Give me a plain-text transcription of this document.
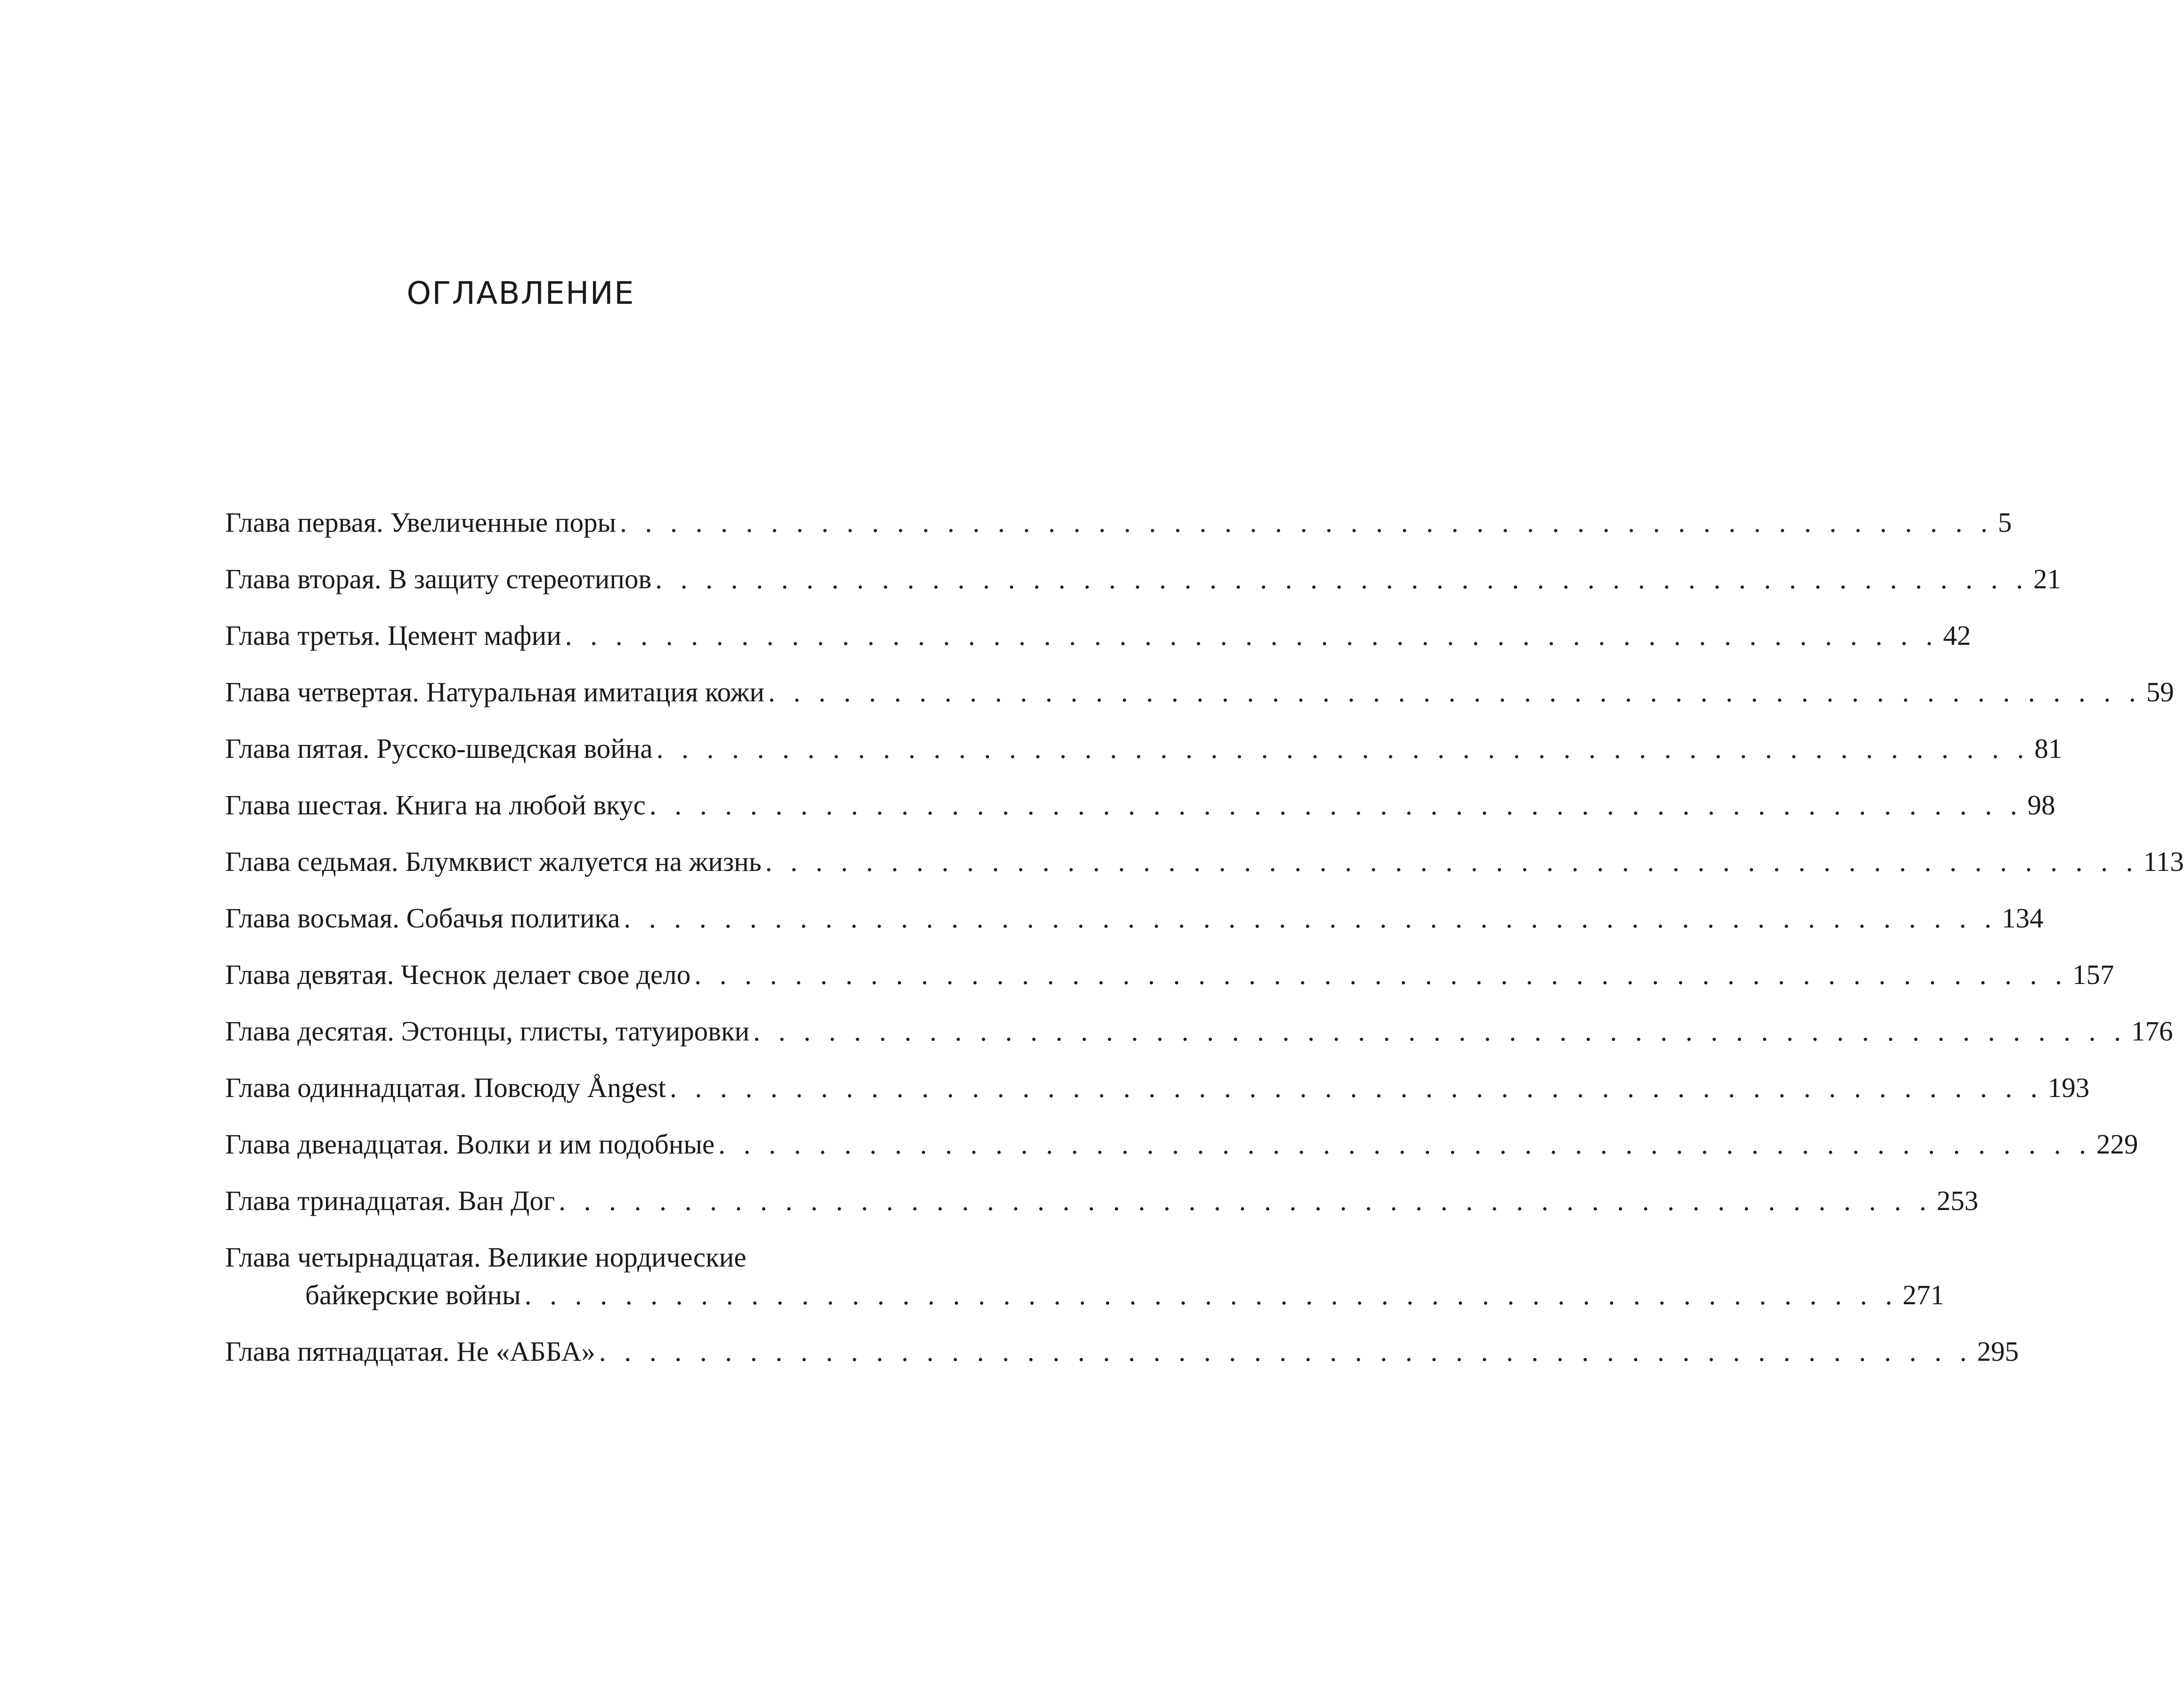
ОГЛАВЛЕНИЕ
Глава первая. Увеличенные поры . . . . . . . . . . . . . . . . . . . . . . . . . . . . . . . . . . . . . . . . . . . . . . . . . . . . . . . 5
Глава вторая. В защиту стереотипов . . . . . . . . . . . . . . . . . . . . . . . . . . . . . . . . . . . . . . . . . . . . . . . . . . . . . . . 21
Глава третья. Цемент мафии . . . . . . . . . . . . . . . . . . . . . . . . . . . . . . . . . . . . . . . . . . . . . . . . . . . . . . . 42
Глава четвертая. Натуральная имитация кожи . . . . . . . . . . . . . . . . . . . . . . . . . . . . . . . . . . . . . . . . . . . . . . . . . . . . . . . 59
Глава пятая. Русско-шведская война . . . . . . . . . . . . . . . . . . . . . . . . . . . . . . . . . . . . . . . . . . . . . . . . . . . . . . . 81
Глава шестая. Книга на любой вкус . . . . . . . . . . . . . . . . . . . . . . . . . . . . . . . . . . . . . . . . . . . . . . . . . . . . . . . 98
Глава седьмая. Блумквист жалуется на жизнь . . . . . . . . . . . . . . . . . . . . . . . . . . . . . . . . . . . . . . . . . . . . . . . . . . . . . . . 113
Глава восьмая. Собачья политика . . . . . . . . . . . . . . . . . . . . . . . . . . . . . . . . . . . . . . . . . . . . . . . . . . . . . . . 134
Глава девятая. Чеснок делает свое дело . . . . . . . . . . . . . . . . . . . . . . . . . . . . . . . . . . . . . . . . . . . . . . . . . . . . . . . 157
Глава десятая. Эстонцы, глисты, татуировки . . . . . . . . . . . . . . . . . . . . . . . . . . . . . . . . . . . . . . . . . . . . . . . . . . . . . . . 176
Глава одиннадцатая. Повсюду Ångest . . . . . . . . . . . . . . . . . . . . . . . . . . . . . . . . . . . . . . . . . . . . . . . . . . . . . . . 193
Глава двенадцатая. Волки и им подобные . . . . . . . . . . . . . . . . . . . . . . . . . . . . . . . . . . . . . . . . . . . . . . . . . . . . . . . 229
Глава тринадцатая. Ван Дог . . . . . . . . . . . . . . . . . . . . . . . . . . . . . . . . . . . . . . . . . . . . . . . . . . . . . . . 253
Глава четырнадцатая. Великие нордические
байкерские войны . . . . . . . . . . . . . . . . . . . . . . . . . . . . . . . . . . . . . . . . . . . . . . . . . . . . . . . 271
Глава пятнадцатая. Не «АББА» . . . . . . . . . . . . . . . . . . . . . . . . . . . . . . . . . . . . . . . . . . . . . . . . . . . . . . . 295
